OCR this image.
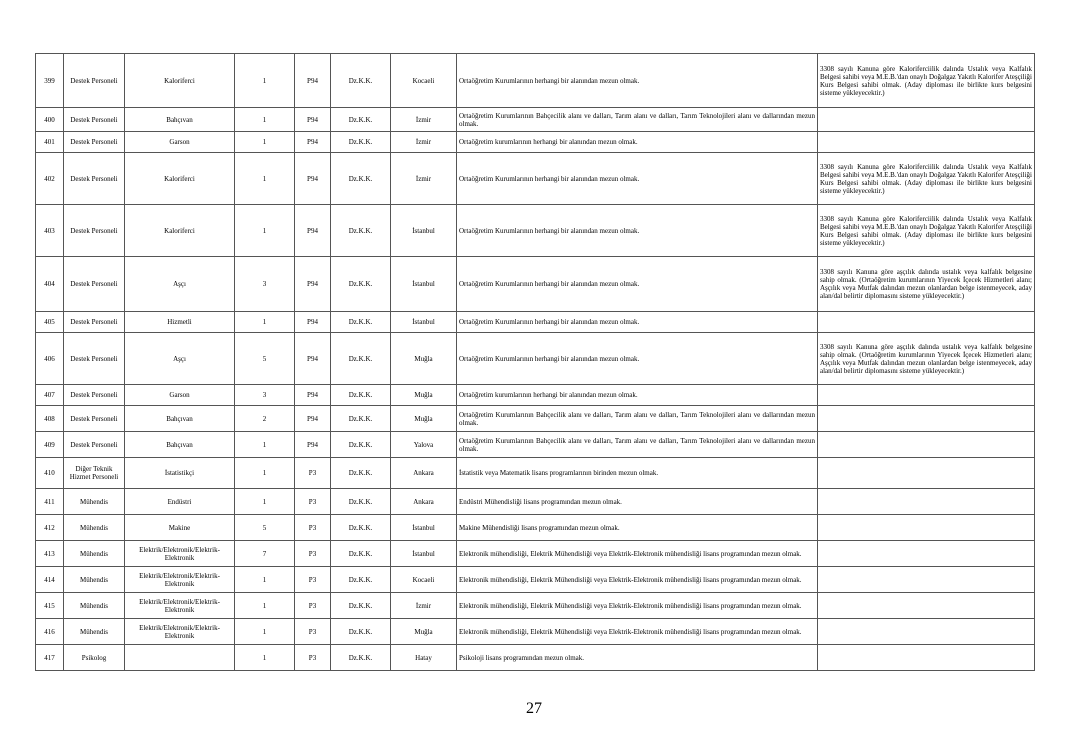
399	Destek Personeli	Kaloriferci	1	P94	Dz.K.K.	Kocaeli	Ortaöğretim Kurumlarının herhangi bir alanından mezun olmak.	3308 sayılı Kanuna göre Kaloriferciilik dalında Ustalık veya Kalfalık Belgesi sahibi veya M.E.B.'dan onaylı Doğalgaz Yakıtlı Kalorifer Ateşçiliği Kurs Belgesi sahibi olmak. (Aday diploması ile birlikte kurs belgesini sisteme yükleyecektir.)
400	Destek Personeli	Bahçıvan	1	P94	Dz.K.K.	İzmir	Ortaöğretim Kurumlarının Bahçecilik alanı ve dalları, Tarım alanı ve dalları, Tarım Teknolojileri alanı ve dallarından mezun olmak.	
401	Destek Personeli	Garson	1	P94	Dz.K.K.	İzmir	Ortaöğretim kurumlarının herhangi bir alanından mezun olmak.	
402	Destek Personeli	Kaloriferci	1	P94	Dz.K.K.	İzmir	Ortaöğretim Kurumlarının herhangi bir alanından mezun olmak.	3308 sayılı Kanuna göre Kaloriferciilik dalında Ustalık veya Kalfalık Belgesi sahibi veya M.E.B.'dan onaylı Doğalgaz Yakıtlı Kalorifer Ateşçiliği Kurs Belgesi sahibi olmak. (Aday diploması ile birlikte kurs belgesini sisteme yükleyecektir.)
403	Destek Personeli	Kaloriferci	1	P94	Dz.K.K.	İstanbul	Ortaöğretim Kurumlarının herhangi bir alanından mezun olmak.	3308 sayılı Kanuna göre Kaloriferciilik dalında Ustalık veya Kalfalık Belgesi sahibi veya M.E.B.'dan onaylı Doğalgaz Yakıtlı Kalorifer Ateşçiliği Kurs Belgesi sahibi olmak. (Aday diploması ile birlikte kurs belgesini sisteme yükleyecektir.)
404	Destek Personeli	Aşçı	3	P94	Dz.K.K.	İstanbul	Ortaöğretim Kurumlarının herhangi bir alanından mezun olmak.	3308 sayılı Kanuna göre aşçılık dalında ustalık veya kalfalık belgesine sahip olmak. (Ortaöğretim kurumlarının Yiyecek İçecek Hizmetleri alanı; Aşçılık veya Mutfak dalından mezun olanlardan belge istenmeyecek, aday alan/dal belirtir diplomasını sisteme yükleyecektir.)
405	Destek Personeli	Hizmetli	1	P94	Dz.K.K.	İstanbul	Ortaöğretim Kurumlarının herhangi bir alanından mezun olmak.	
406	Destek Personeli	Aşçı	5	P94	Dz.K.K.	Muğla	Ortaöğretim Kurumlarının herhangi bir alanından mezun olmak.	3308 sayılı Kanuna göre aşçılık dalında ustalık veya kalfalık belgesine sahip olmak. (Ortaöğretim kurumlarının Yiyecek İçecek Hizmetleri alanı; Aşçılık veya Mutfak dalından mezun olanlardan belge istenmeyecek, aday alan/dal belirtir diplomasını sisteme yükleyecektir.)
407	Destek Personeli	Garson	3	P94	Dz.K.K.	Muğla	Ortaöğretim kurumlarının herhangi bir alanından mezun olmak.	
408	Destek Personeli	Bahçıvan	2	P94	Dz.K.K.	Muğla	Ortaöğretim Kurumlarının Bahçecilik alanı ve dalları, Tarım alanı ve dalları, Tarım Teknolojileri alanı ve dallarından mezun olmak.	
409	Destek Personeli	Bahçıvan	1	P94	Dz.K.K.	Yalova	Ortaöğretim Kurumlarının Bahçecilik alanı ve dalları, Tarım alanı ve dalları, Tarım Teknolojileri alanı ve dallarından mezun olmak.	
410	Diğer Teknik Hizmet Personeli	İstatistikçi	1	P3	Dz.K.K.	Ankara	İstatistik veya Matematik lisans programlarının birinden mezun olmak.	
411	Mühendis	Endüstri	1	P3	Dz.K.K.	Ankara	Endüstri Mühendisliği lisans programından mezun olmak.	
412	Mühendis	Makine	5	P3	Dz.K.K.	İstanbul	Makine Mühendisliği lisans programından mezun olmak.	
413	Mühendis	Elektrik/Elektronik/Elektrik-Elektronik	7	P3	Dz.K.K.	İstanbul	Elektronik mühendisliği, Elektrik Mühendisliği veya Elektrik-Elektronik mühendisliği lisans programından mezun olmak.	
414	Mühendis	Elektrik/Elektronik/Elektrik-Elektronik	1	P3	Dz.K.K.	Kocaeli	Elektronik mühendisliği, Elektrik Mühendisliği veya Elektrik-Elektronik mühendisliği lisans programından mezun olmak.	
415	Mühendis	Elektrik/Elektronik/Elektrik-Elektronik	1	P3	Dz.K.K.	İzmir	Elektronik mühendisliği, Elektrik Mühendisliği veya Elektrik-Elektronik mühendisliği lisans programından mezun olmak.	
416	Mühendis	Elektrik/Elektronik/Elektrik-Elektronik	1	P3	Dz.K.K.	Muğla	Elektronik mühendisliği, Elektrik Mühendisliği veya Elektrik-Elektronik mühendisliği lisans programından mezun olmak.	
417	Psikolog		1	P3	Dz.K.K.	Hatay	Psikoloji lisans programından mezun olmak.	
27
